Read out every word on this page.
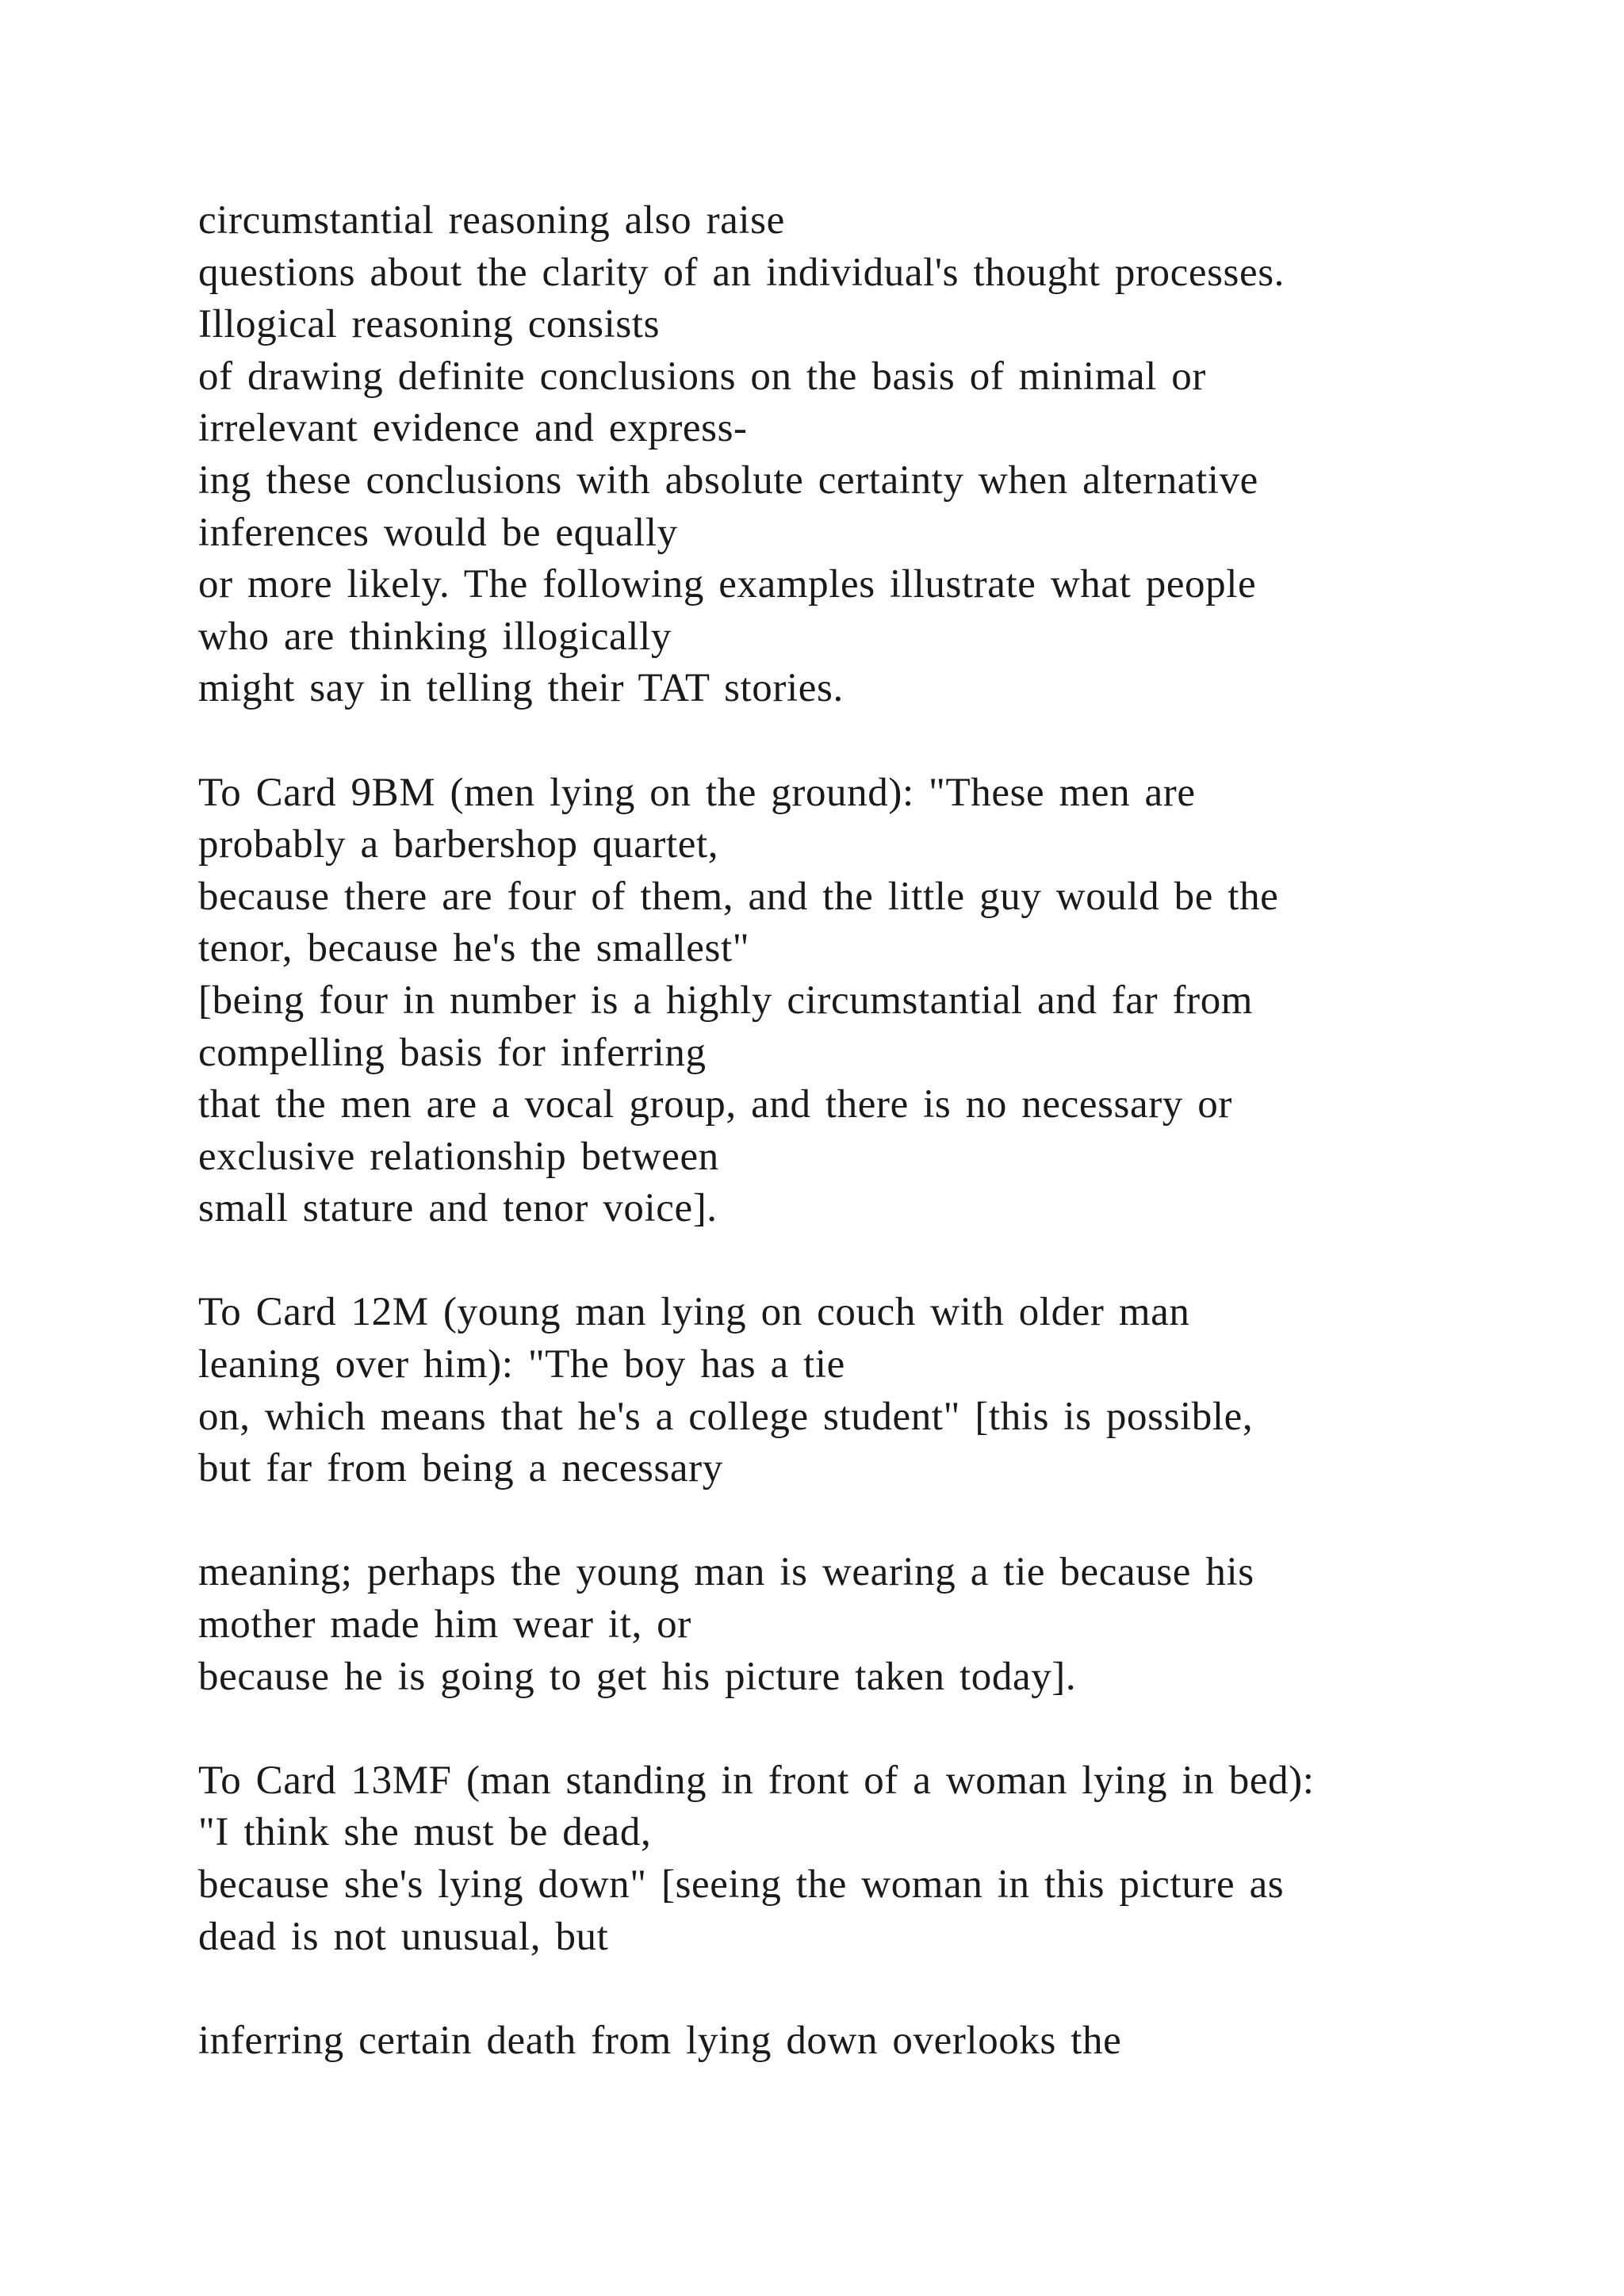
circumstantial reasoning also raise
questions about the clarity of an individual's thought processes.
Illogical reasoning consists
of drawing definite conclusions on the basis of minimal or
irrelevant evidence and express-
ing these conclusions with absolute certainty when alternative
inferences would be equally
or more likely. The following examples illustrate what people
who are thinking illogically
might say in telling their TAT stories.
To Card 9BM (men lying on the ground): "These men are
probably a barbershop quartet,
because there are four of them, and the little guy would be the
tenor, because he's the smallest"
[being four in number is a highly circumstantial and far from
compelling basis for inferring
that the men are a vocal group, and there is no necessary or
exclusive relationship between
small stature and tenor voice].
To Card 12M (young man lying on couch with older man
leaning over him): "The boy has a tie
on, which means that he's a college student" [this is possible,
but far from being a necessary
meaning; perhaps the young man is wearing a tie because his
mother made him wear it, or
because he is going to get his picture taken today].
To Card 13MF (man standing in front of a woman lying in bed):
"I think she must be dead,
because she's lying down" [seeing the woman in this picture as
dead is not unusual, but
inferring certain death from lying down overlooks the
